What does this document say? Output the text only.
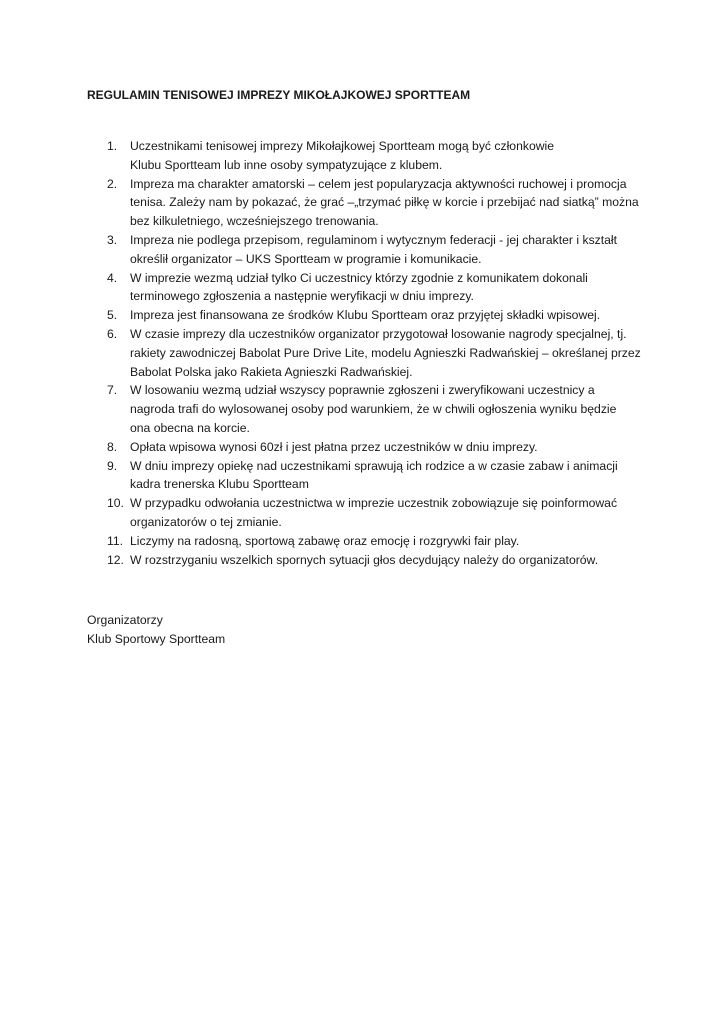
REGULAMIN TENISOWEJ IMPREZY MIKOŁAJKOWEJ SPORTTEAM
1. Uczestnikami tenisowej imprezy Mikołajkowej Sportteam mogą być członkowie
Klubu Sportteam lub inne osoby sympatyzujące z klubem.
2. Impreza ma charakter amatorski – celem jest popularyzacja aktywności ruchowej i promocja
tenisa. Zależy nam by pokazać, że grać –„trzymać piłkę w korcie i przebijać nad siatką” można
bez kilkuletniego, wcześniejszego trenowania.
3. Impreza nie podlega przepisom, regulaminom i wytycznym federacji - jej charakter i kształt
określił organizator – UKS Sportteam w programie i komunikacie.
4. W imprezie wezmą udział tylko Ci uczestnicy którzy zgodnie z komunikatem dokonali
terminowego zgłoszenia a następnie weryfikacji w dniu imprezy.
5. Impreza jest finansowana ze środków Klubu Sportteam oraz przyjętej składki wpisowej.
6. W czasie imprezy dla uczestników organizator przygotował losowanie nagrody specjalnej, tj.
rakiety zawodniczej Babolat Pure Drive Lite, modelu Agnieszki Radwańskiej – określanej przez
Babolat Polska jako Rakieta Agnieszki Radwańskiej.
7. W losowaniu wezmą udział wszyscy poprawnie zgłoszeni i zweryfikowani uczestnicy a
nagroda trafi do wylosowanej osoby pod warunkiem, że w chwili ogłoszenia wyniku będzie
ona obecna na korcie.
8. Opłata wpisowa wynosi 60zł i jest płatna przez uczestników w dniu imprezy.
9. W dniu imprezy opiekę nad uczestnikami sprawują ich rodzice a w czasie zabaw i animacji
kadra trenerska Klubu Sportteam
10. W przypadku odwołania uczestnictwa w imprezie uczestnik zobowiązuje się poinformować
organizatorów o tej zmianie.
11. Liczymy na radosną, sportową zabawę oraz emocję i rozgrywki fair play.
12. W rozstrzyganiu wszelkich spornych sytuacji głos decydujący należy do organizatorów.
Organizatorzy
Klub Sportowy Sportteam
